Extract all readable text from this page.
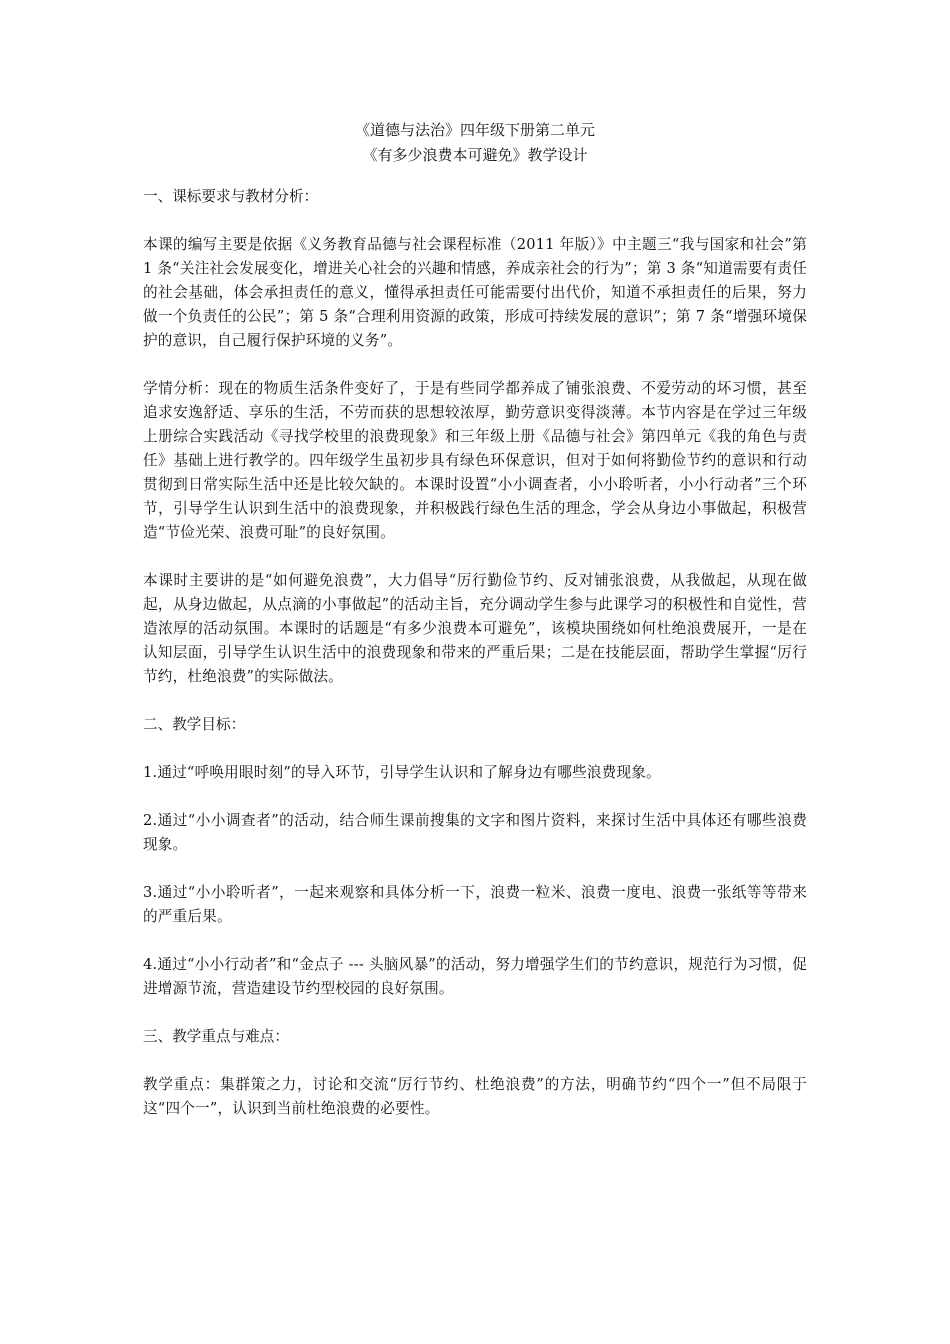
《道德与法治》四年级下册第二单元
《有多少浪费本可避免》教学设计
一、课标要求与教材分析：

本课的编写主要是依据《义务教育品德与社会课程标准（2011 年版）》中主题三“我与国家和社会”第 1 条“关注社会发展变化，增进关心社会的兴趣和情感，养成亲社会的行为”；第 3 条“知道需要有责任的社会基础，体会承担责任的意义，懂得承担责任可能需要付出代价，知道不承担责任的后果，努力做一个负责任的公民”；第 5 条“合理利用资源的政策，形成可持续发展的意识”；第 7 条“增强环境保护的意识，自己履行保护环境的义务”。

学情分析：现在的物质生活条件变好了，于是有些同学都养成了铺张浪费、不爱劳动的坏习惯，甚至追求安逸舒适、享乐的生活，不劳而获的思想较浓厚，勤劳意识变得淡薄。本节内容是在学过三年级上册综合实践活动《寻找学校里的浪费现象》和三年级上册《品德与社会》第四单元《我的角色与责任》基础上进行教学的。四年级学生虽初步具有绿色环保意识，但对于如何将勤俭节约的意识和行动贯彻到日常实际生活中还是比较欠缺的。本课时设置“小小调查者，小小聆听者，小小行动者”三个环节，引导学生认识到生活中的浪费现象，并积极践行绿色生活的理念，学会从身边小事做起，积极营造“节俭光荣、浪费可耻”的良好氛围。

本课时主要讲的是“如何避免浪费”，大力倡导“厉行勤俭节约、反对铺张浪费，从我做起，从现在做起，从身边做起，从点滴的小事做起”的活动主旨，充分调动学生参与此课学习的积极性和自觉性，营造浓厚的活动氛围。本课时的话题是“有多少浪费本可避免”，该模块围绕如何杜绝浪费展开，一是在认知层面，引导学生认识生活中的浪费现象和带来的严重后果；二是在技能层面，帮助学生掌握“厉行节约，杜绝浪费”的实际做法。

二、教学目标：

1.通过“呼唤用眼时刻”的导入环节，引导学生认识和了解身边有哪些浪费现象。

2.通过“小小调查者”的活动，结合师生课前搜集的文字和图片资料，来探讨生活中具体还有哪些浪费现象。

3.通过“小小聆听者”，一起来观察和具体分析一下，浪费一粒米、浪费一度电、浪费一张纸等等带来的严重后果。

4.通过“小小行动者”和“金点子 --- 头脑风暴”的活动，努力增强学生们的节约意识，规范行为习惯，促进增源节流，营造建设节约型校园的良好氛围。

三、教学重点与难点：

教学重点：集群策之力，讨论和交流“厉行节约、杜绝浪费”的方法，明确节约“四个一”但不局限于这“四个一”，认识到当前杜绝浪费的必要性。
